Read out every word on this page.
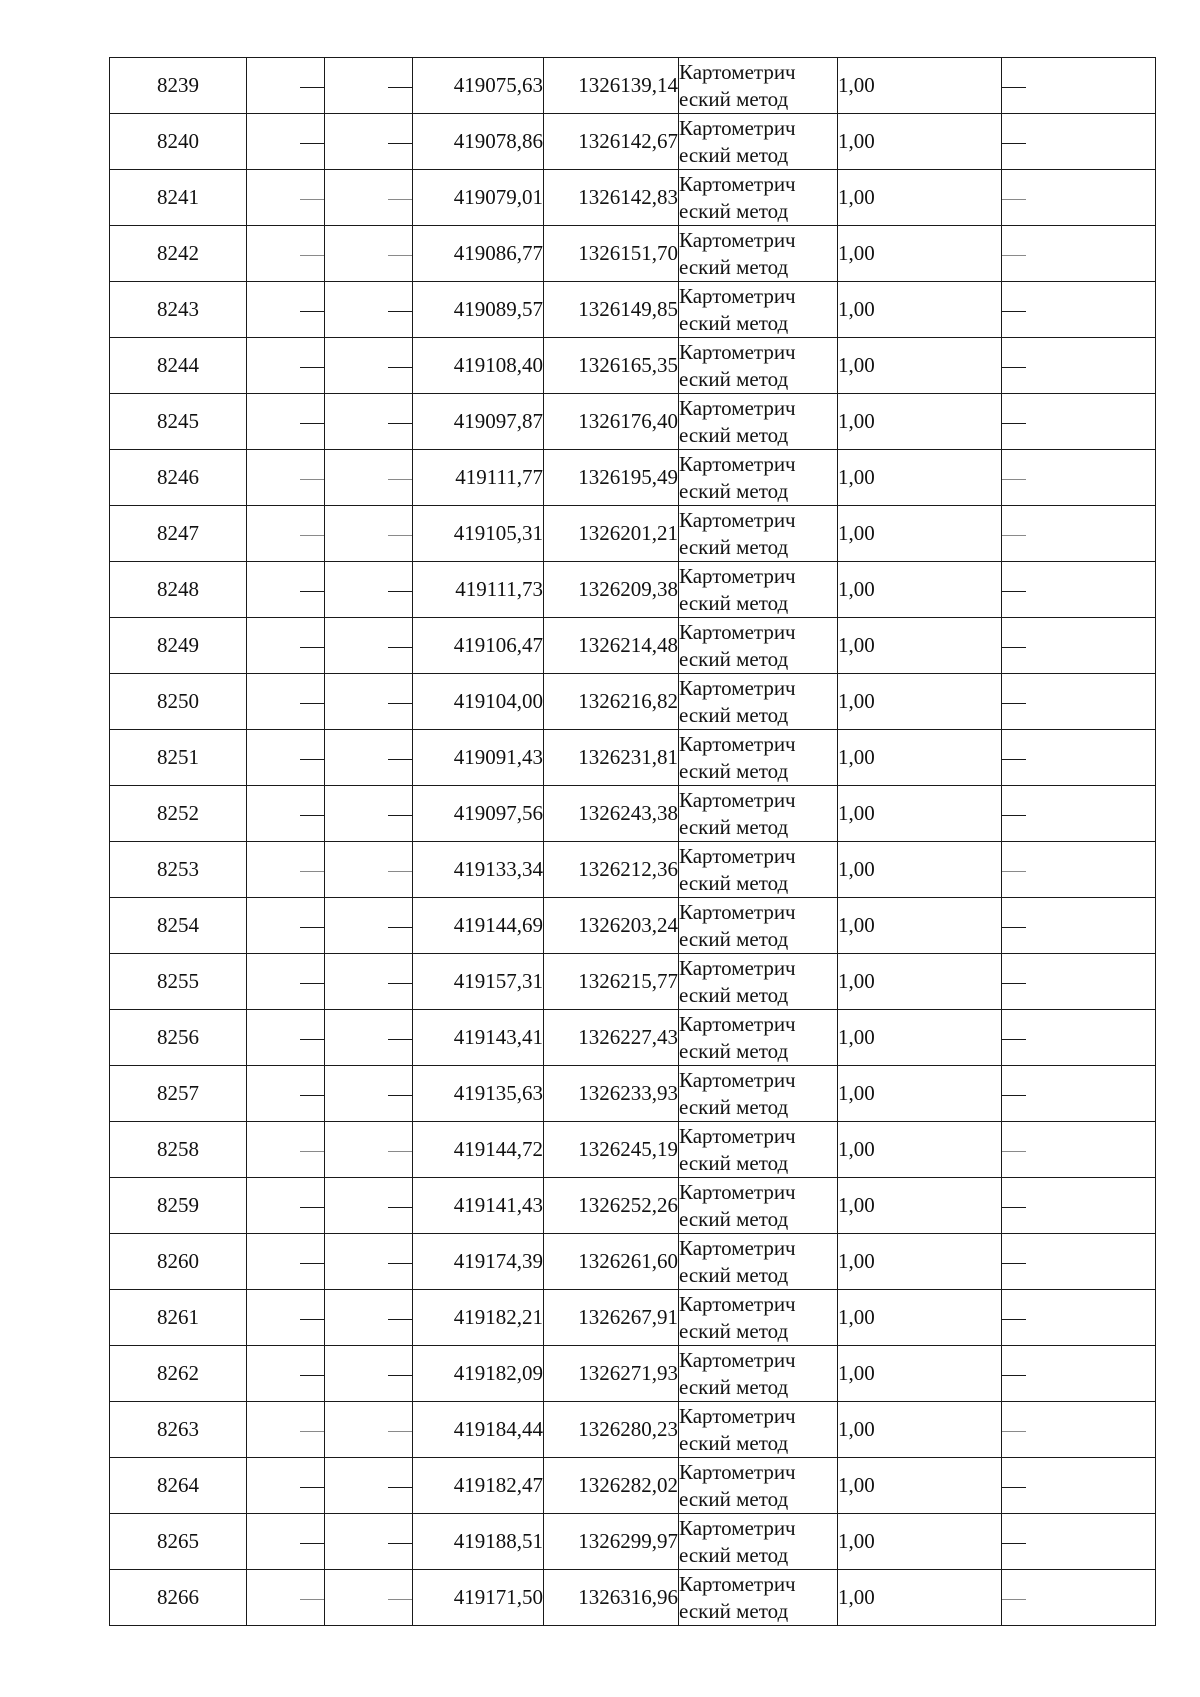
8239			419075,63	1326139,14	Картометрич
еский метод	1,00	

8240			419078,86	1326142,67	Картометрич
еский метод	1,00	

8241			419079,01	1326142,83	Картометрич
еский метод	1,00	

8242			419086,77	1326151,70	Картометрич
еский метод	1,00	

8243			419089,57	1326149,85	Картометрич
еский метод	1,00	

8244			419108,40	1326165,35	Картометрич
еский метод	1,00	

8245			419097,87	1326176,40	Картометрич
еский метод	1,00	

8246			419111,77	1326195,49	Картометрич
еский метод	1,00	

8247			419105,31	1326201,21	Картометрич
еский метод	1,00	

8248			419111,73	1326209,38	Картометрич
еский метод	1,00	

8249			419106,47	1326214,48	Картометрич
еский метод	1,00	

8250			419104,00	1326216,82	Картометрич
еский метод	1,00	

8251			419091,43	1326231,81	Картометрич
еский метод	1,00	

8252			419097,56	1326243,38	Картометрич
еский метод	1,00	

8253			419133,34	1326212,36	Картометрич
еский метод	1,00	

8254			419144,69	1326203,24	Картометрич
еский метод	1,00	

8255			419157,31	1326215,77	Картометрич
еский метод	1,00	

8256			419143,41	1326227,43	Картометрич
еский метод	1,00	

8257			419135,63	1326233,93	Картометрич
еский метод	1,00	

8258			419144,72	1326245,19	Картометрич
еский метод	1,00	

8259			419141,43	1326252,26	Картометрич
еский метод	1,00	

8260			419174,39	1326261,60	Картометрич
еский метод	1,00	

8261			419182,21	1326267,91	Картометрич
еский метод	1,00	

8262			419182,09	1326271,93	Картометрич
еский метод	1,00	

8263			419184,44	1326280,23	Картометрич
еский метод	1,00	

8264			419182,47	1326282,02	Картометрич
еский метод	1,00	

8265			419188,51	1326299,97	Картометрич
еский метод	1,00	

8266			419171,50	1326316,96	Картометрич
еский метод	1,00	
